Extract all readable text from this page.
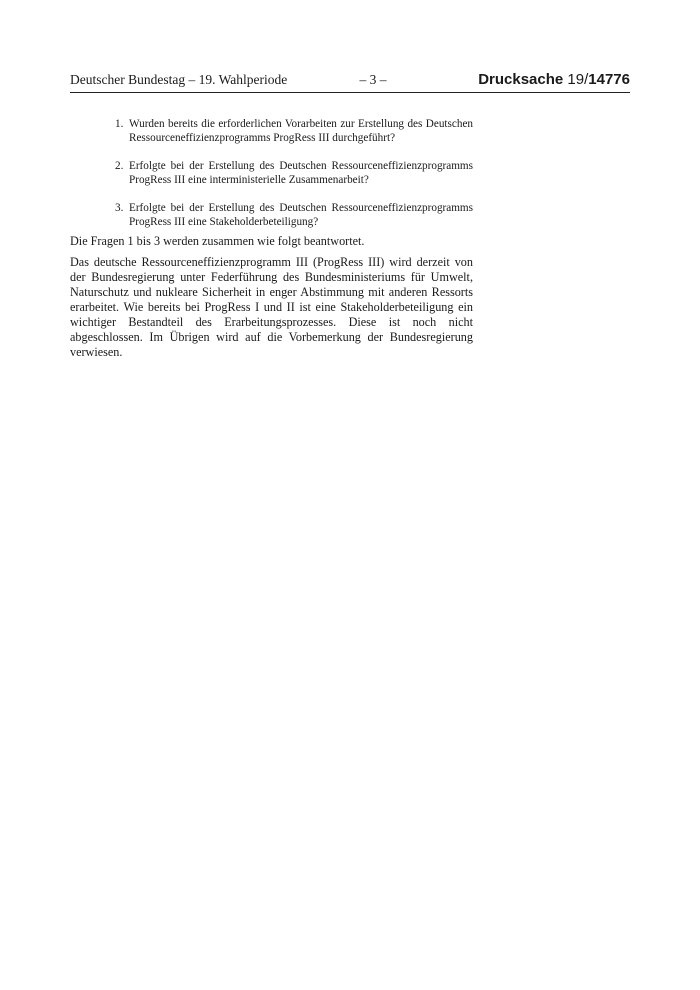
Deutscher Bundestag – 19. Wahlperiode	– 3 –	Drucksache 19/14776
1. Wurden bereits die erforderlichen Vorarbeiten zur Erstellung des Deutschen Ressourceneffizienzprogramms ProgRess III durchgeführt?
2. Erfolgte bei der Erstellung des Deutschen Ressourceneffizienzprogramms ProgRess III eine interministerielle Zusammenarbeit?
3. Erfolgte bei der Erstellung des Deutschen Ressourceneffizienzprogramms ProgRess III eine Stakeholderbeteiligung?

Die Fragen 1 bis 3 werden zusammen wie folgt beantwortet.

Das deutsche Ressourceneffizienzprogramm III (ProgRess III) wird derzeit von der Bundesregierung unter Federführung des Bundesministeriums für Umwelt, Naturschutz und nukleare Sicherheit in enger Abstimmung mit anderen Ressorts erarbeitet. Wie bereits bei ProgRess I und II ist eine Stakeholderbeteiligung ein wichtiger Bestandteil des Erarbeitungsprozesses. Diese ist noch nicht abgeschlossen. Im Übrigen wird auf die Vorbemerkung der Bundesregierung verwiesen.
